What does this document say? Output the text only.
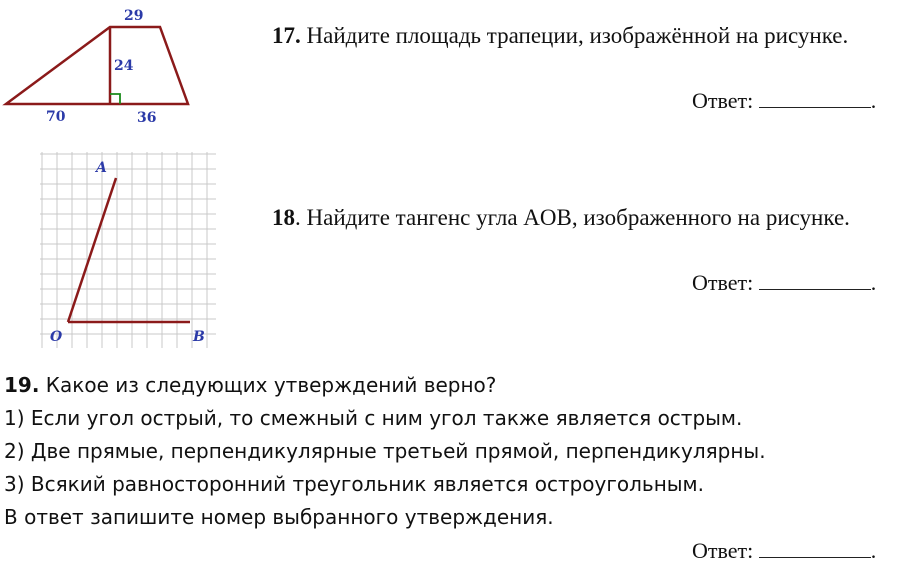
29
24
70	36
17. Найдите площадь трапеции, изображённой на рисунке.
Ответ:	.
A
O	B
18. Найдите тангенс угла AOB, изображенного на рисунке.
Ответ:	.
19. Какое из следующих утверждений верно?
1) Если угол острый, то смежный с ним угол также является острым.
2) Две прямые, перпендикулярные третьей прямой, перпендикулярны.
3) Всякий равносторонний треугольник является остроугольным.
В ответ запишите номер выбранного утверждения.
Ответ:	.
